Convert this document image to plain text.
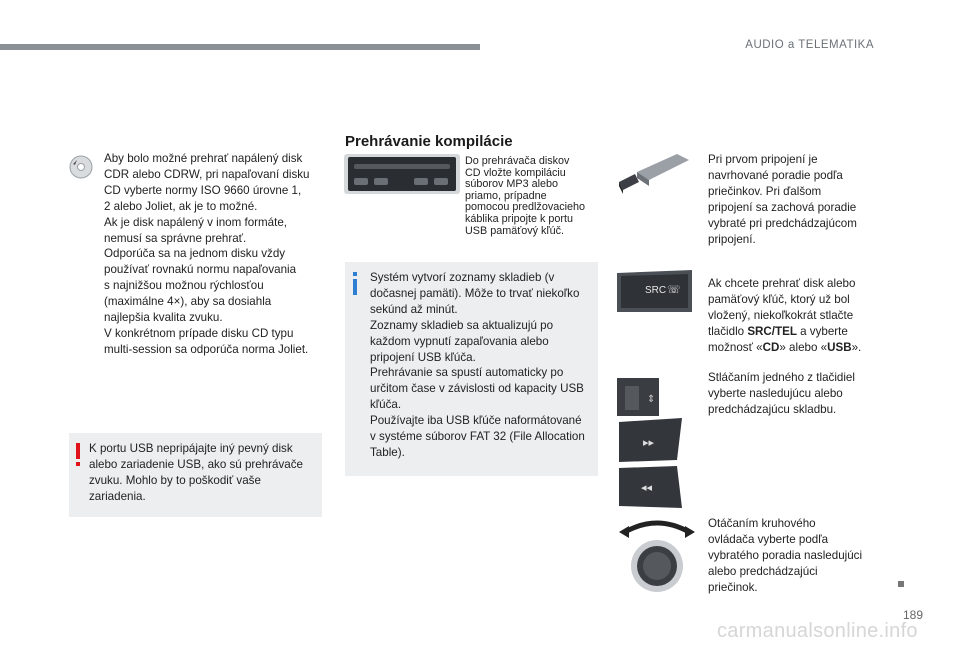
AUDIO a TELEMATIKA
Aby bolo možné prehrať napálený disk
CDR alebo CDRW, pri napaľovaní disku
CD vyberte normy ISO 9660 úrovne 1,
2 alebo Joliet, ak je to možné.
Ak je disk napálený v inom formáte,
nemusí sa správne prehrať.
Odporúča sa na jednom disku vždy
používať rovnakú normu napaľovania
s najnižšou možnou rýchlosťou
(maximálne 4×), aby sa dosiahla
najlepšia kvalita zvuku.
V konkrétnom prípade disku CD typu
multi-session sa odporúča norma Joliet.
K portu USB nepripájajte iný pevný disk
alebo zariadenie USB, ako sú prehrávače
zvuku. Mohlo by to poškodiť vaše
zariadenia.
Prehrávanie kompilácie
Do prehrávača diskov
CD vložte kompiláciu
súborov MP3 alebo
priamo, prípadne
pomocou predlžovacieho
káblika pripojte k portu
USB pamäťový kľúč.
Systém vytvorí zoznamy skladieb (v
dočasnej pamäti). Môže to trvať niekoľko
sekúnd až minút.
Zoznamy skladieb sa aktualizujú po
každom vypnutí zapaľovania alebo
pripojení USB kľúča.
Prehrávanie sa spustí automaticky po
určitom čase v závislosti od kapacity USB
kľúča.
Používajte iba USB kľúče naformátované
v systéme súborov FAT 32 (File Allocation
Table).
Pri prvom pripojení je
navrhované poradie podľa
priečinkov. Pri ďalšom
pripojení sa zachová poradie
vybraté pri predchádzajúcom
pripojení.
SRC ☏ Ak chcete prehrať disk alebo
pamäťový kľúč, ktorý už bol
vložený, niekoľkokrát stlačte
tlačidlo SRC/TEL a vyberte
možnosť «CD» alebo «USB».
⇕
▸▸
◂◂
Stláčaním jedného z tlačidiel
vyberte nasledujúcu alebo
predchádzajúcu skladbu.
Otáčaním kruhového
ovládača vyberte podľa
vybratého poradia nasledujúci
alebo predchádzajúci
priečinok.
189
carmanualsonline.info
